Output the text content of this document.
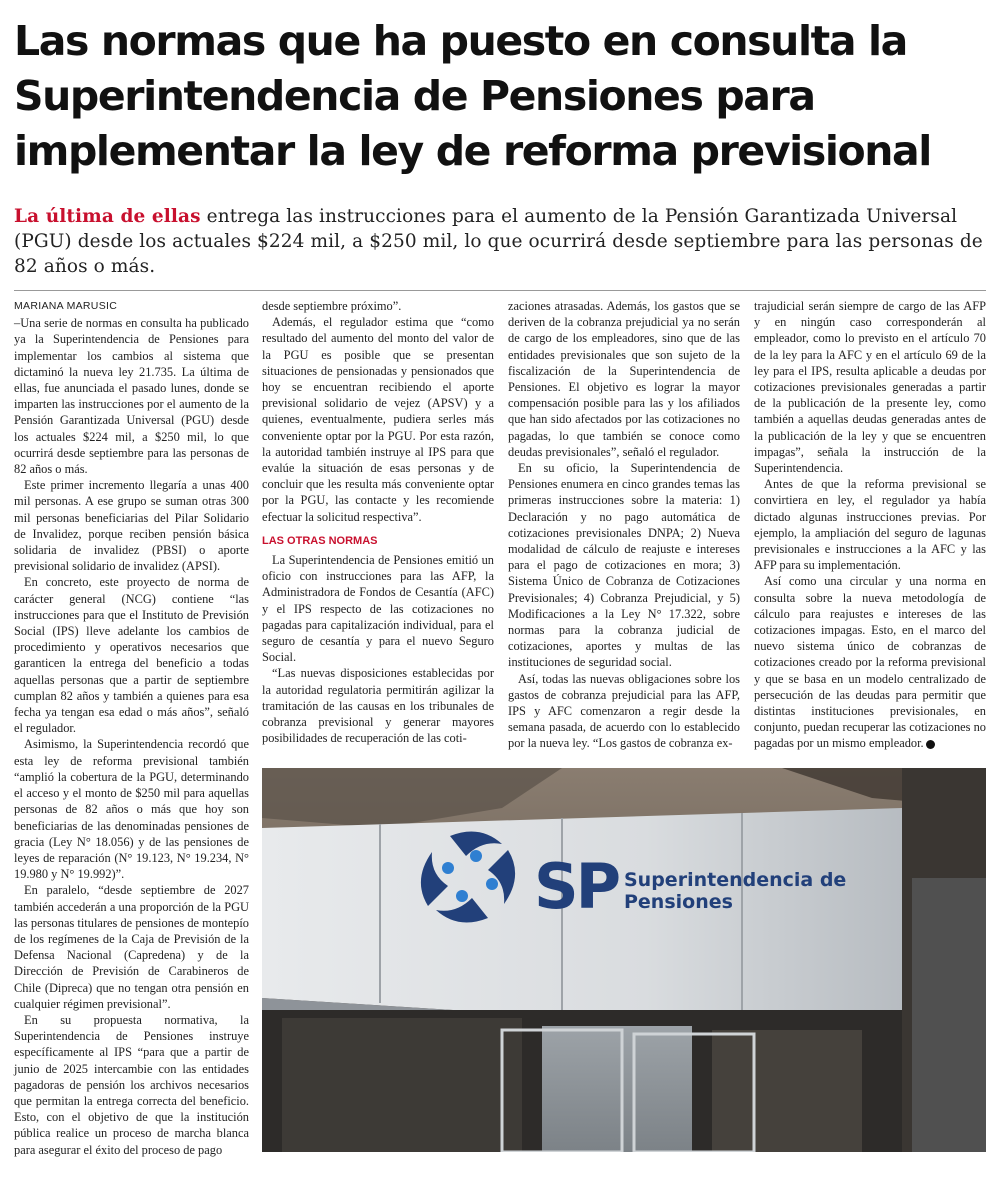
Las normas que ha puesto en consulta la Superintendencia de Pensiones para implementar la ley de reforma previsional

La última de ellas entrega las instrucciones para el aumento de la Pensión Garantizada Universal (PGU) desde los actuales $224 mil, a $250 mil, lo que ocurrirá desde septiembre para las personas de 82 años o más.

MARIANA MARUSIC

–Una serie de normas en consulta ha publicado ya la Superintendencia de Pensiones para implementar los cambios al sistema que dictaminó la nueva ley 21.735. La última de ellas, fue anunciada el pasado lunes, donde se imparten las instrucciones por el aumento de la Pensión Garantizada Universal (PGU) desde los actuales $224 mil, a $250 mil, lo que ocurrirá desde septiembre para las personas de 82 años o más.

Este primer incremento llegaría a unas 400 mil personas. A ese grupo se suman otras 300 mil personas beneficiarias del Pilar Solidario de Invalidez, porque reciben pensión básica solidaria de invalidez (PBSI) o aporte previsional solidario de invalidez (APSI).

En concreto, este proyecto de norma de carácter general (NCG) contiene “las instrucciones para que el Instituto de Previsión Social (IPS) lleve adelante los cambios de procedimiento y operativos necesarios que garanticen la entrega del beneficio a todas aquellas personas que a partir de septiembre cumplan 82 años y también a quienes para esa fecha ya tengan esa edad o más años”, señaló el regulador.

Asimismo, la Superintendencia recordó que esta ley de reforma previsional también “amplió la cobertura de la PGU, determinando el acceso y el monto de $250 mil para aquellas personas de 82 años o más que hoy son beneficiarias de las denominadas pensiones de gracia (Ley N° 18.056) y de las pensiones de leyes de reparación (N° 19.123, N° 19.234, N° 19.980 y N° 19.992)”.

En paralelo, “desde septiembre de 2027 también accederán a una proporción de la PGU las personas titulares de pensiones de montepío de los regímenes de la Caja de Previsión de la Defensa Nacional (Capredena) y de la Dirección de Previsión de Carabineros de Chile (Dipreca) que no tengan otra pensión en cualquier régimen previsional”.

En su propuesta normativa, la Superintendencia de Pensiones instruye específicamente al IPS “para que a partir de junio de 2025 intercambie con las entidades pagadoras de pensión los archivos necesarios que permitan la entrega correcta del beneficio. Esto, con el objetivo de que la institución pública realice un proceso de marcha blanca para asegurar el éxito del proceso de pago

desde septiembre próximo”.

Además, el regulador estima que “como resultado del aumento del monto del valor de la PGU es posible que se presentan situaciones de pensionadas y pensionados que hoy se encuentran recibiendo el aporte previsional solidario de vejez (APSV) y a quienes, eventualmente, pudiera serles más conveniente optar por la PGU. Por esta razón, la autoridad también instruye al IPS para que evalúe la situación de esas personas y de concluir que les resulta más conveniente optar por la PGU, las contacte y les recomiende efectuar la solicitud respectiva”.

LAS OTRAS NORMAS

La Superintendencia de Pensiones emitió un oficio con instrucciones para las AFP, la Administradora de Fondos de Cesantía (AFC) y el IPS respecto de las cotizaciones no pagadas para capitalización individual, para el seguro de cesantía y para el nuevo Seguro Social.

“Las nuevas disposiciones establecidas por la autoridad regulatoria permitirán agilizar la tramitación de las causas en los tribunales de cobranza previsional y generar mayores posibilidades de recuperación de las coti-

zaciones atrasadas. Además, los gastos que se deriven de la cobranza prejudicial ya no serán de cargo de los empleadores, sino que de las entidades previsionales que son sujeto de la fiscalización de la Superintendencia de Pensiones. El objetivo es lograr la mayor compensación posible para las y los afiliados que han sido afectados por las cotizaciones no pagadas, lo que también se conoce como deudas previsionales”, señaló el regulador.

En su oficio, la Superintendencia de Pensiones enumera en cinco grandes temas las primeras instrucciones sobre la materia: 1) Declaración y no pago automática de cotizaciones previsionales DNPA; 2) Nueva modalidad de cálculo de reajuste e intereses para el pago de cotizaciones en mora; 3) Sistema Único de Cobranza de Cotizaciones Previsionales; 4) Cobranza Prejudicial, y 5) Modificaciones a la Ley N° 17.322, sobre normas para la cobranza judicial de cotizaciones, aportes y multas de las instituciones de seguridad social.

Así, todas las nuevas obligaciones sobre los gastos de cobranza prejudicial para las AFP, IPS y AFC comenzaron a regir desde la semana pasada, de acuerdo con lo establecido por la nueva ley. “Los gastos de cobranza ex-

trajudicial serán siempre de cargo de las AFP y en ningún caso corresponderán al empleador, como lo previsto en el artículo 70 de la ley para la AFC y en el artículo 69 de la ley para el IPS, resulta aplicable a deudas por cotizaciones previsionales generadas a partir de la publicación de la presente ley, como también a aquellas deudas generadas antes de la publicación de la ley y que se encuentren impagas”, señala la instrucción de la Superintendencia.

Antes de que la reforma previsional se convirtiera en ley, el regulador ya había dictado algunas instrucciones previas. Por ejemplo, la ampliación del seguro de lagunas previsionales e instrucciones a la AFC y las AFP para su implementación.

Así como una circular y una norma en consulta sobre la nueva metodología de cálculo para reajustes e intereses de las cotizaciones impagas. Esto, en el marco del nuevo sistema único de cobranzas de cotizaciones creado por la reforma previsional y que se basa en un modelo centralizado de persecución de las deudas para permitir que distintas instituciones previsionales, en conjunto, puedan recuperar las cotizaciones no pagadas por un mismo empleador.

SP Superintendencia de
Pensiones
